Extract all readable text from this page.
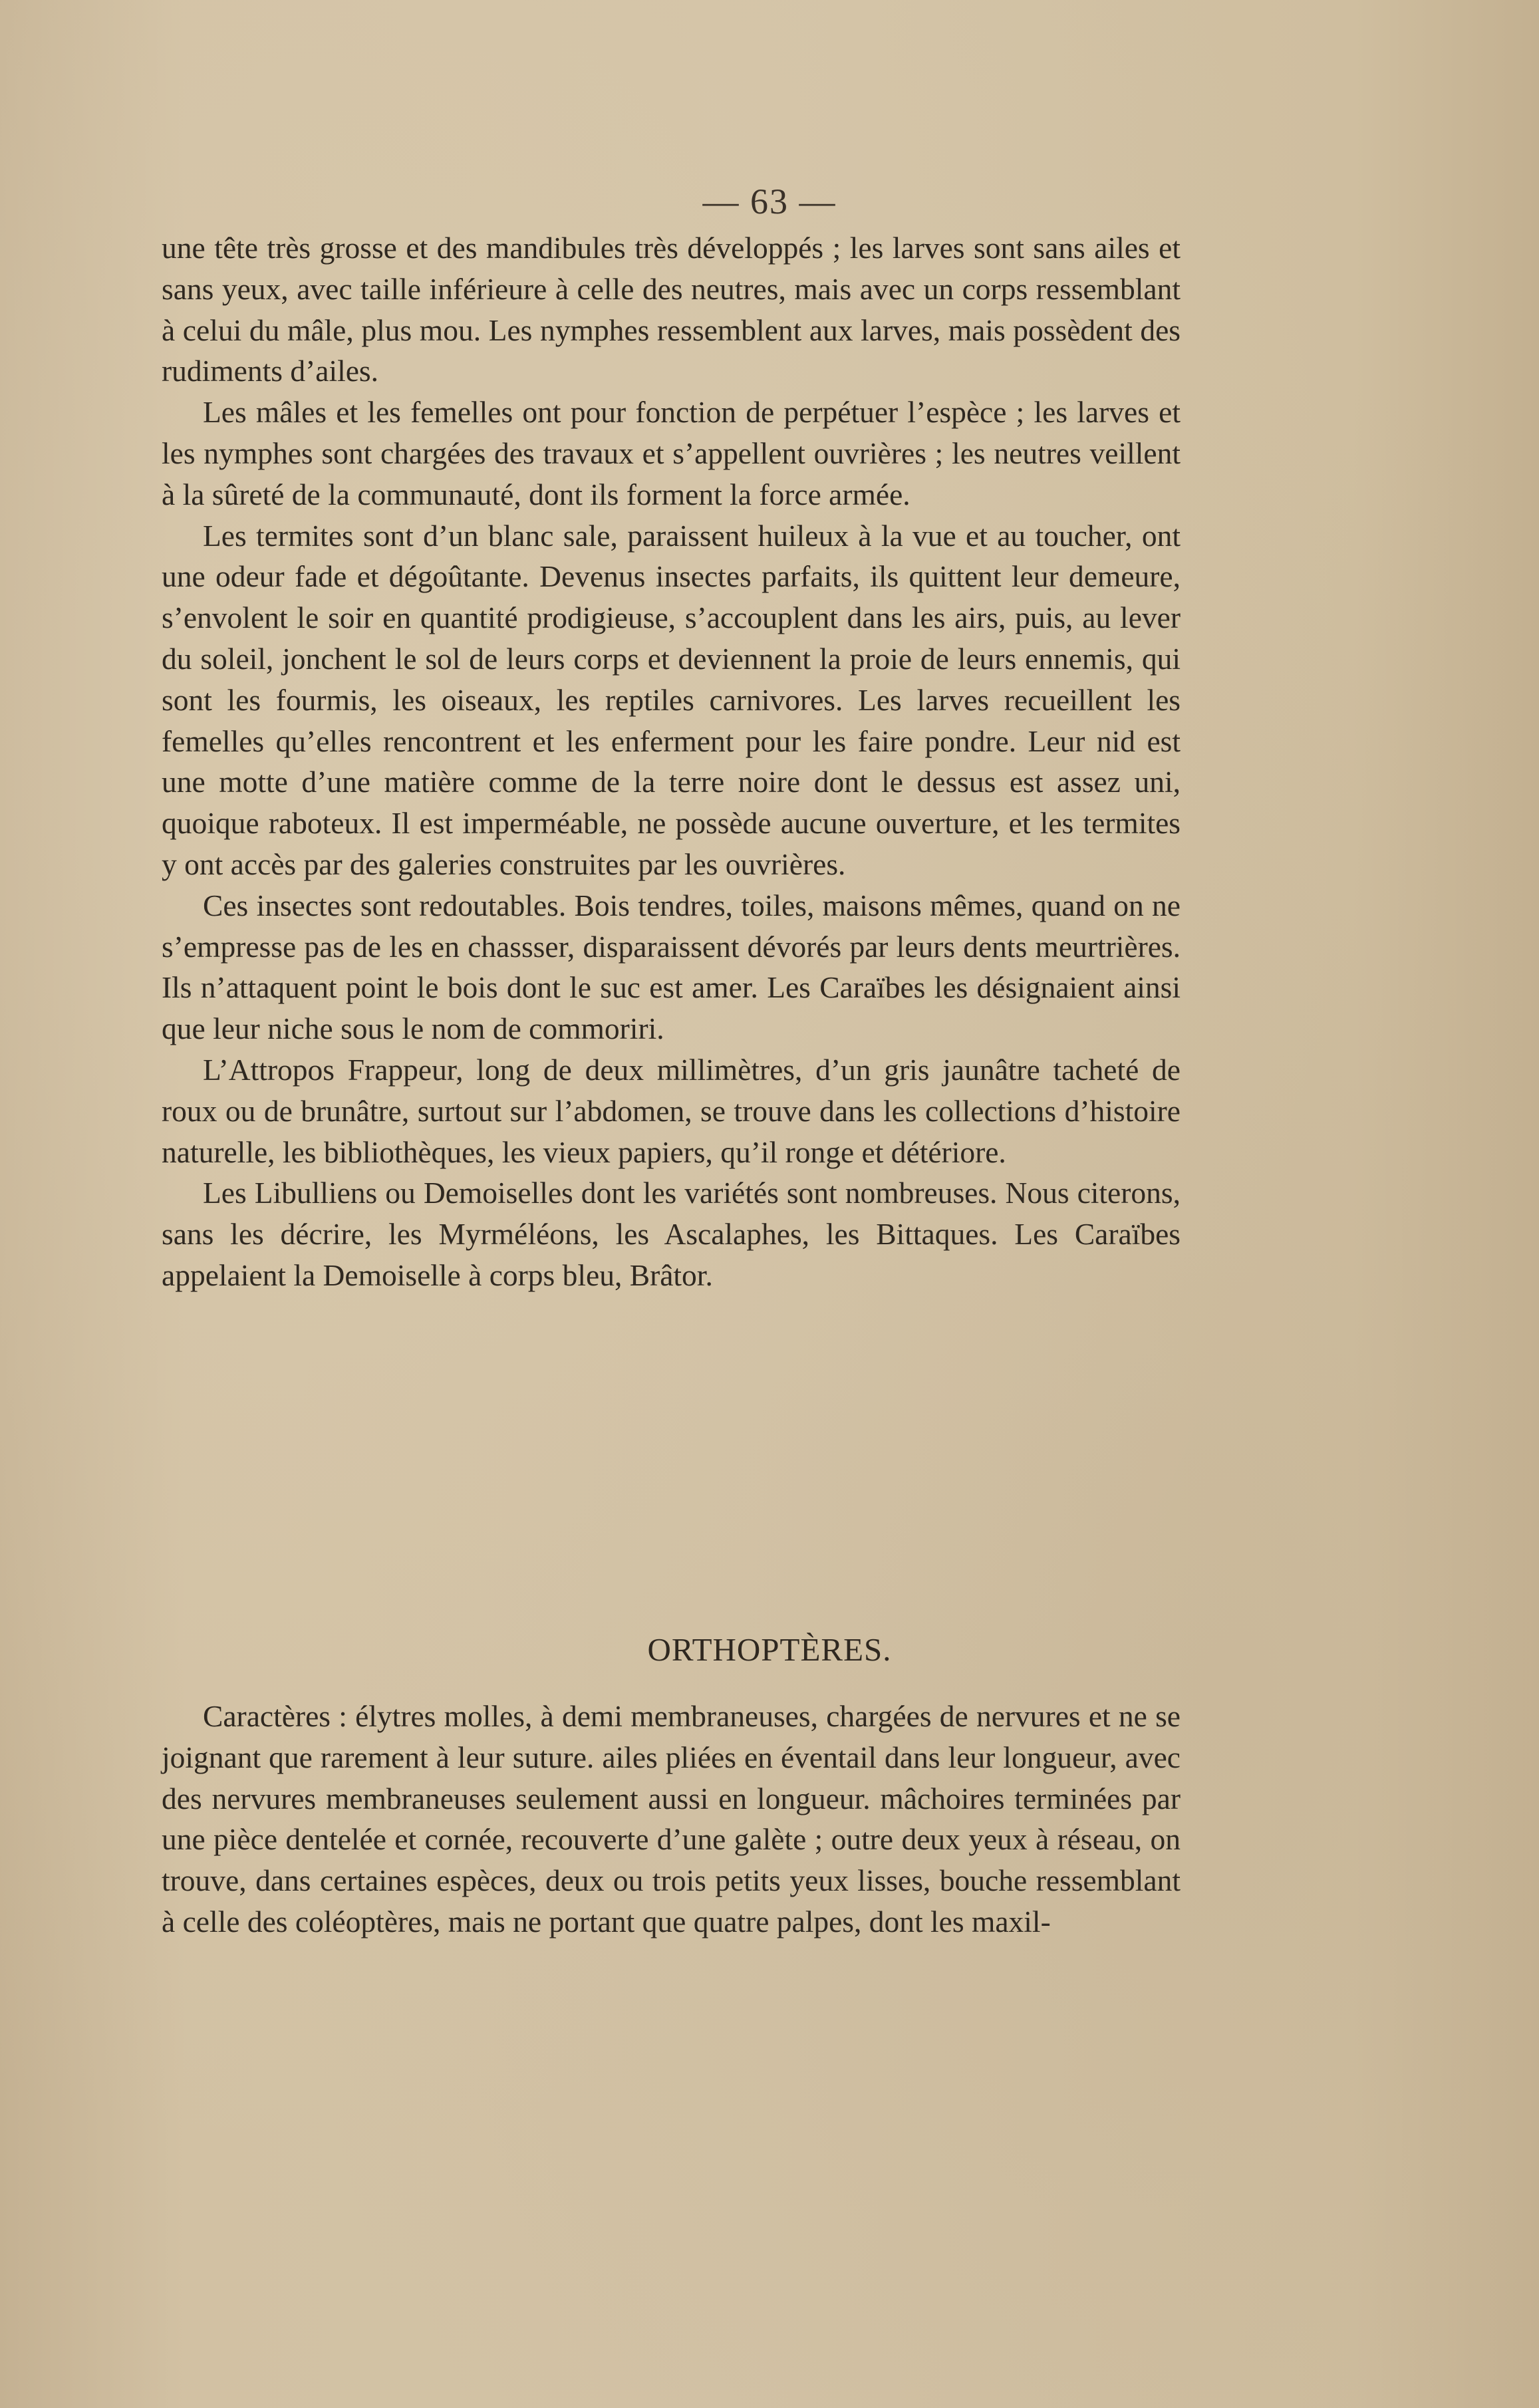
— 63 —

une tête très grosse et des mandibules très développés ; les larves sont sans ailes et sans yeux, avec taille inférieure à celle des neutres, mais avec un corps ressemblant à celui du mâle, plus mou. Les nymphes ressemblent aux larves, mais possèdent des rudiments d’ailes.

Les mâles et les femelles ont pour fonction de perpétuer l’espèce ; les larves et les nymphes sont chargées des travaux et s’appellent ouvrières ; les neutres veillent à la sûreté de la communauté, dont ils forment la force armée.

Les termites sont d’un blanc sale, paraissent huileux à la vue et au toucher, ont une odeur fade et dégoûtante. Devenus insectes parfaits, ils quittent leur demeure, s’envolent le soir en quantité prodigieuse, s’accouplent dans les airs, puis, au lever du soleil, jonchent le sol de leurs corps et deviennent la proie de leurs ennemis, qui sont les fourmis, les oiseaux, les reptiles carnivores. Les larves recueillent les femelles qu’elles rencontrent et les enferment pour les faire pondre. Leur nid est une motte d’une matière comme de la terre noire dont le dessus est assez uni, quoique raboteux. Il est imperméable, ne possède aucune ouverture, et les termites y ont accès par des galeries construites par les ouvrières.

Ces insectes sont redoutables. Bois tendres, toiles, maisons mêmes, quand on ne s’empresse pas de les en chassser, disparaissent dévorés par leurs dents meurtrières. Ils n’attaquent point le bois dont le suc est amer. Les Caraïbes les désignaient ainsi que leur niche sous le nom de commoriri.

L’Attropos Frappeur, long de deux millimètres, d’un gris jaunâtre tacheté de roux ou de brunâtre, surtout sur l’abdomen, se trouve dans les collections d’histoire naturelle, les bibliothèques, les vieux papiers, qu’il ronge et détériore.

Les Libulliens ou Demoiselles dont les variétés sont nombreuses. Nous citerons, sans les décrire, les Myrméléons, les Ascalaphes, les Bittaques. Les Caraïbes appelaient la Demoiselle à corps bleu, Brâtor.

ORTHOPTÈRES.

Caractères : élytres molles, à demi membraneuses, chargées de nervures et ne se joignant que rarement à leur suture. ailes pliées en éventail dans leur longueur, avec des nervures membraneuses seulement aussi en longueur. mâchoires terminées par une pièce dentelée et cornée, recouverte d’une galète ; outre deux yeux à réseau, on trouve, dans certaines espèces, deux ou trois petits yeux lisses, bouche ressemblant à celle des coléoptères, mais ne portant que quatre palpes, dont les maxil-
